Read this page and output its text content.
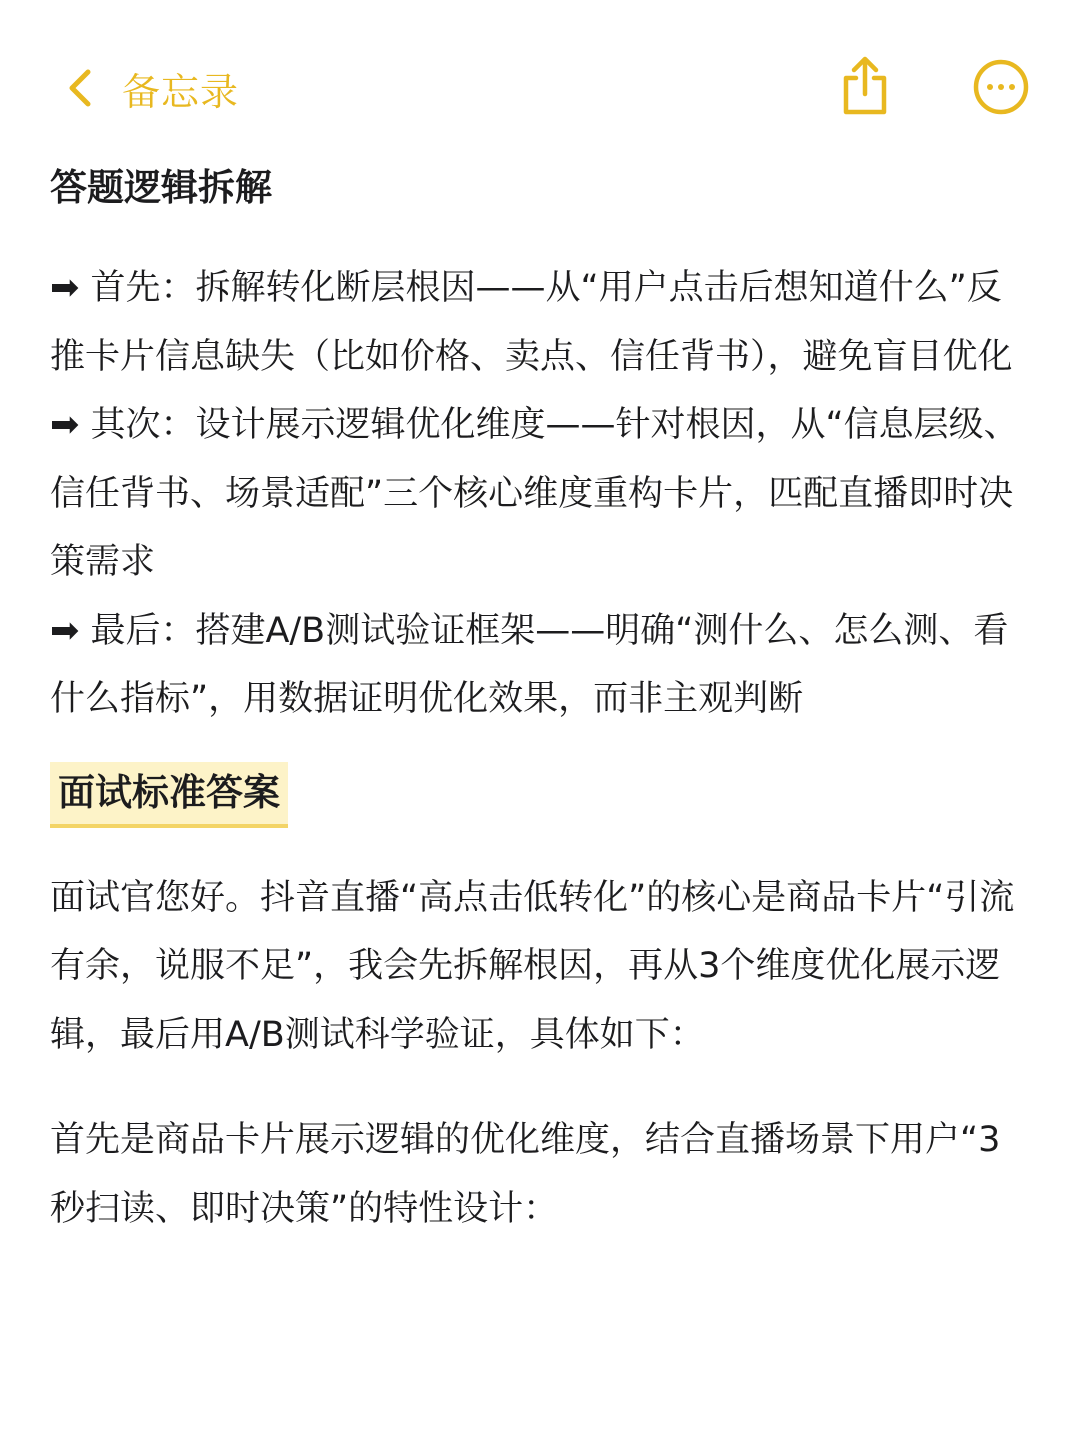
备忘录

答题逻辑拆解

➡ 首先：拆解转化断层根因——从“用户点击后想知道什么”反推卡片信息缺失（比如价格、卖点、信任背书），避免盲目优化

➡ 其次：设计展示逻辑优化维度——针对根因，从“信息层级、信任背书、场景适配”三个核心维度重构卡片，匹配直播即时决策需求

➡ 最后：搭建A/B测试验证框架——明确“测什么、怎么测、看什么指标”，用数据证明优化效果，而非主观判断

面试标准答案

面试官您好。抖音直播“高点击低转化”的核心是商品卡片“引流有余，说服不足”，我会先拆解根因，再从3个维度优化展示逻辑，最后用A/B测试科学验证，具体如下：

首先是商品卡片展示逻辑的优化维度，结合直播场景下用户“3秒扫读、即时决策”的特性设计：
